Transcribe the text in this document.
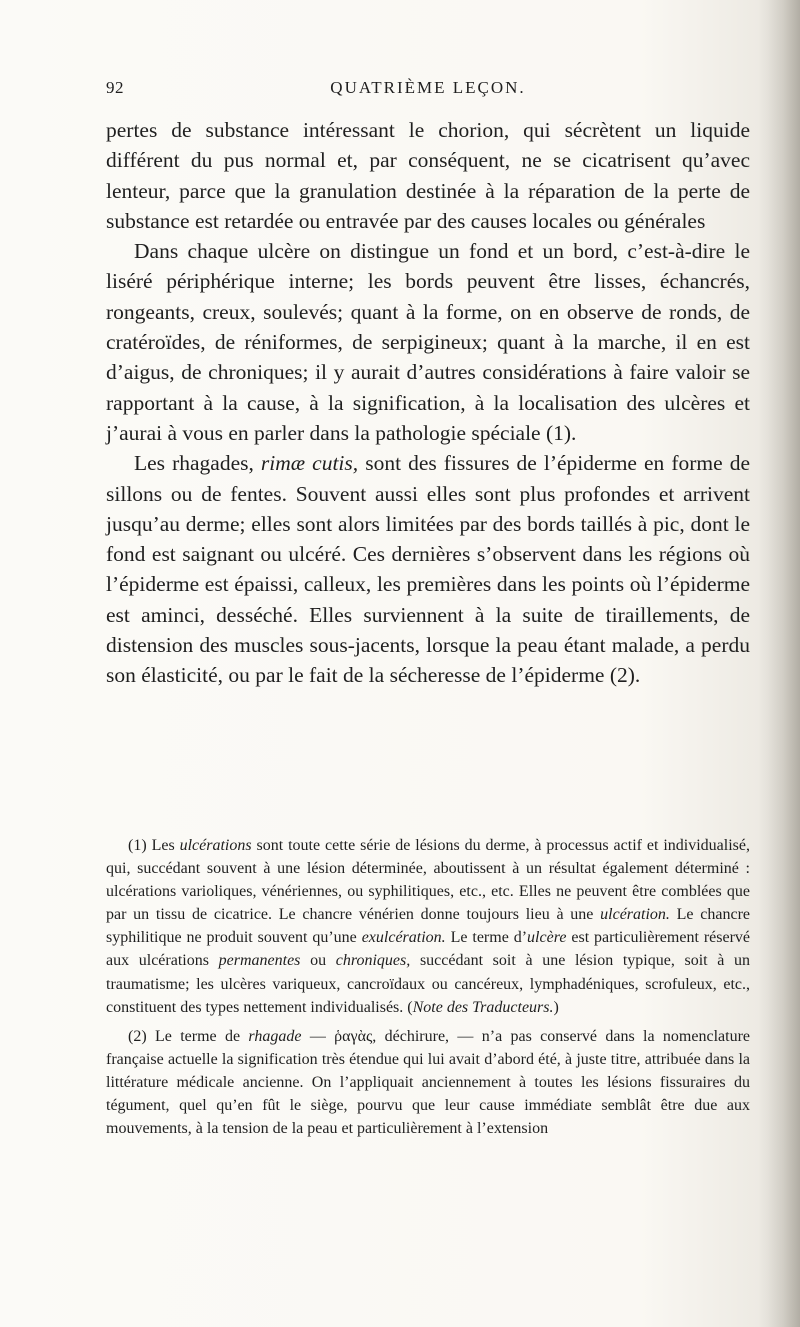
92	QUATRIÈME LEÇON.

pertes de substance intéressant le chorion, qui sécrètent un liquide différent du pus normal et, par conséquent, ne se cicatrisent qu’avec lenteur, parce que la granulation destinée à la réparation de la perte de substance est retardée ou entravée par des causes locales ou générales

Dans chaque ulcère on distingue un fond et un bord, c’est-à-dire le liséré périphérique interne; les bords peuvent être lisses, échancrés, rongeants, creux, soulevés; quant à la forme, on en observe de ronds, de cratéroïdes, de réniformes, de serpigineux; quant à la marche, il en est d’aigus, de chroniques; il y aurait d’autres considérations à faire valoir se rapportant à la cause, à la signification, à la localisation des ulcères et j’aurai à vous en parler dans la pathologie spéciale (1).

Les rhagades, rimæ cutis, sont des fissures de l’épiderme en forme de sillons ou de fentes. Souvent aussi elles sont plus profondes et arrivent jusqu’au derme; elles sont alors limitées par des bords taillés à pic, dont le fond est saignant ou ulcéré. Ces dernières s’observent dans les régions où l’épiderme est épaissi, calleux, les premières dans les points où l’épiderme est aminci, desséché. Elles surviennent à la suite de tiraillements, de distension des muscles sous-jacents, lorsque la peau étant malade, a perdu son élasticité, ou par le fait de la sécheresse de l’épiderme (2).

(1) Les ulcérations sont toute cette série de lésions du derme, à processus actif et individualisé, qui, succédant souvent à une lésion déterminée, aboutissent à un résultat également déterminé : ulcérations varioliques, vénériennes, ou syphilitiques, etc., etc. Elles ne peuvent être comblées que par un tissu de cicatrice. Le chancre vénérien donne toujours lieu à une ulcération. Le chancre syphilitique ne produit souvent qu’une exulcération. Le terme d’ulcère est particulièrement réservé aux ulcérations permanentes ou chroniques, succédant soit à une lésion typique, soit à un traumatisme; les ulcères variqueux, cancroïdaux ou cancéreux, lymphadéniques, scrofuleux, etc., constituent des types nettement individualisés. (Note des Traducteurs.)

(2) Le terme de rhagade — ῥαγὰς, déchirure, — n’a pas conservé dans la nomenclature française actuelle la signification très étendue qui lui avait d’abord été, à juste titre, attribuée dans la littérature médicale ancienne. On l’appliquait anciennement à toutes les lésions fissuraires du tégument, quel qu’en fût le siège, pourvu que leur cause immédiate semblât être due aux mouvements, à la tension de la peau et particulièrement à l’extension
